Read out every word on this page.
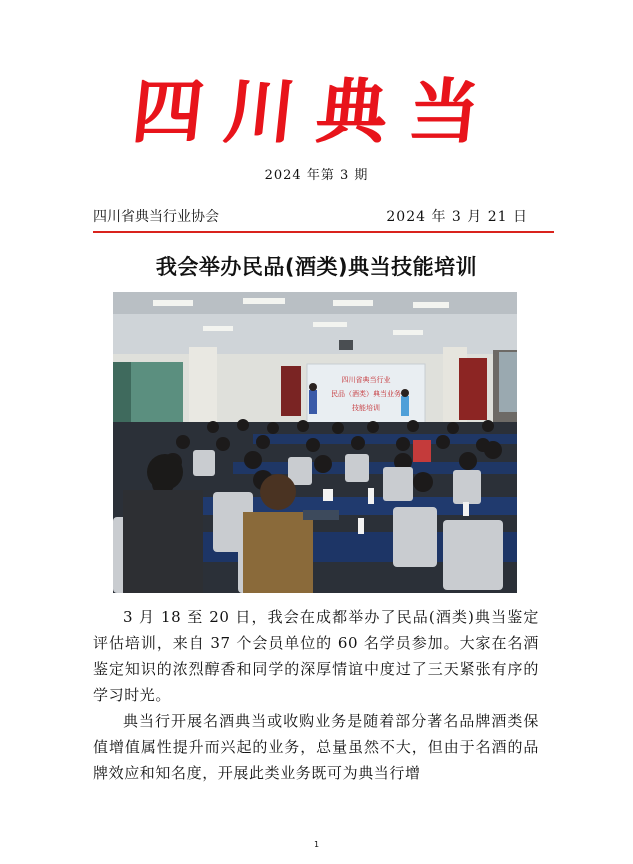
四川典当
2024 年第 3 期
四川省典当行业协会	2024 年 3 月 21 日
我会举办民品(酒类)典当技能培训
四川省典当行业
民品（酒类）典当业务
技能培训

3 月 18 至 20 日，我会在成都举办了民品(酒类)典当鉴定评估培训，来自 37 个会员单位的 60 名学员参加。大家在名酒鉴定知识的浓烈醇香和同学的深厚情谊中度过了三天紧张有序的学习时光。

典当行开展名酒典当或收购业务是随着部分著名品牌酒类保值增值属性提升而兴起的业务，总量虽然不大，但由于名酒的品牌效应和知名度，开展此类业务既可为典当行增

1
